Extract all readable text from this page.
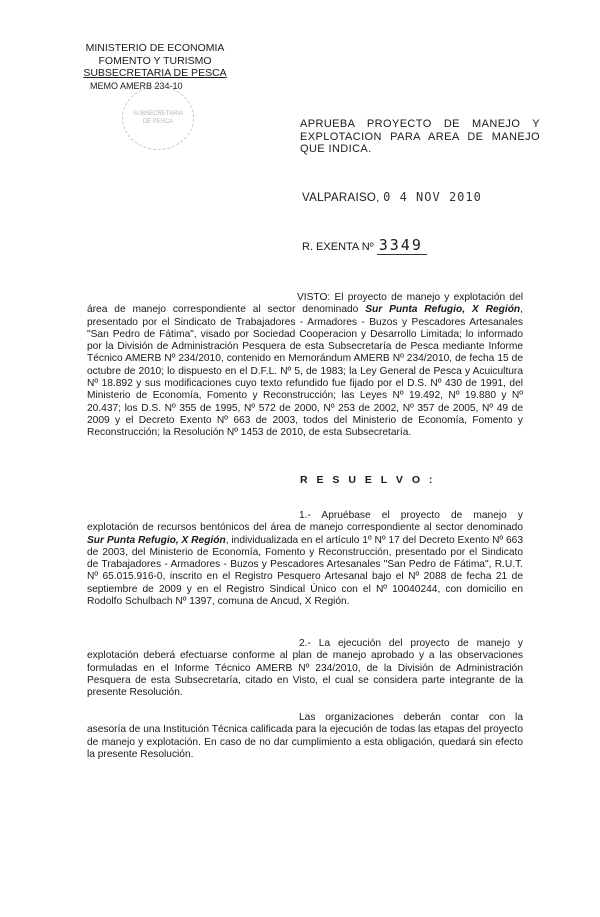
MINISTERIO DE ECONOMIA
FOMENTO Y TURISMO
SUBSECRETARIA DE PESCA
MEMO AMERB 234-10
SUBSECRETARIA
DE PESCA	APRUEBA PROYECTO DE MANEJO Y EXPLOTACION PARA AREA DE MANEJO QUE INDICA.
VALPARAISO, 0 4 NOV 2010
R. EXENTA Nº 3349

VISTO: El proyecto de manejo y explotación del área de manejo correspondiente al sector denominado Sur Punta Refugio, X Región, presentado por el Sindicato de Trabajadores - Armadores - Buzos y Pescadores Artesanales "San Pedro de Fátima", visado por Sociedad Cooperacion y Desarrollo Limitada; lo informado por la División de Administración Pesquera de esta Subsecretaría de Pesca mediante Informe Técnico AMERB Nº 234/2010, contenido en Memorándum AMERB Nº 234/2010, de fecha 15 de octubre de 2010; lo dispuesto en el D.F.L. Nº 5, de 1983; la Ley General de Pesca y Acuicultura Nº 18.892 y sus modificaciones cuyo texto refundido fue fijado por el D.S. Nº 430 de 1991, del Ministerio de Economía, Fomento y Reconstrucción; las Leyes Nº 19.492, Nº 19.880 y Nº 20.437; los D.S. Nº 355 de 1995, Nº 572 de 2000, Nº 253 de 2002, Nº 357 de 2005, Nº 49 de 2009 y el Decreto Exento Nº 663 de 2003, todos del Ministerio de Economía, Fomento y Reconstrucción; la Resolución Nº 1453 de 2010, de esta Subsecretaría.

R E S U E L V O :

1.- Apruébase el proyecto de manejo y explotación de recursos bentónicos del área de manejo correspondiente al sector denominado Sur Punta Refugio, X Región, individualizada en el artículo 1º Nº 17 del Decreto Exento Nº 663 de 2003, del Ministerio de Economía, Fomento y Reconstrucción, presentado por el Sindicato de Trabajadores - Armadores - Buzos y Pescadores Artesanales "San Pedro de Fátima", R.U.T. Nº 65.015.916-0, inscrito en el Registro Pesquero Artesanal bajo el Nº 2088 de fecha 21 de septiembre de 2009 y en el Registro Sindical Único con el Nº 10040244, con domicilio en Rodolfo Schulbach Nº 1397, comuna de Ancud, X Región.

2.- La ejecución del proyecto de manejo y explotación deberá efectuarse conforme al plan de manejo aprobado y a las observaciones formuladas en el Informe Técnico AMERB Nº 234/2010, de la División de Administración Pesquera de esta Subsecretaría, citado en Visto, el cual se considera parte integrante de la presente Resolución.

Las organizaciones deberán contar con la asesoría de una Institución Técnica calificada para la ejecución de todas las etapas del proyecto de manejo y explotación. En caso de no dar cumplimiento a esta obligación, quedará sin efecto la presente Resolución.
